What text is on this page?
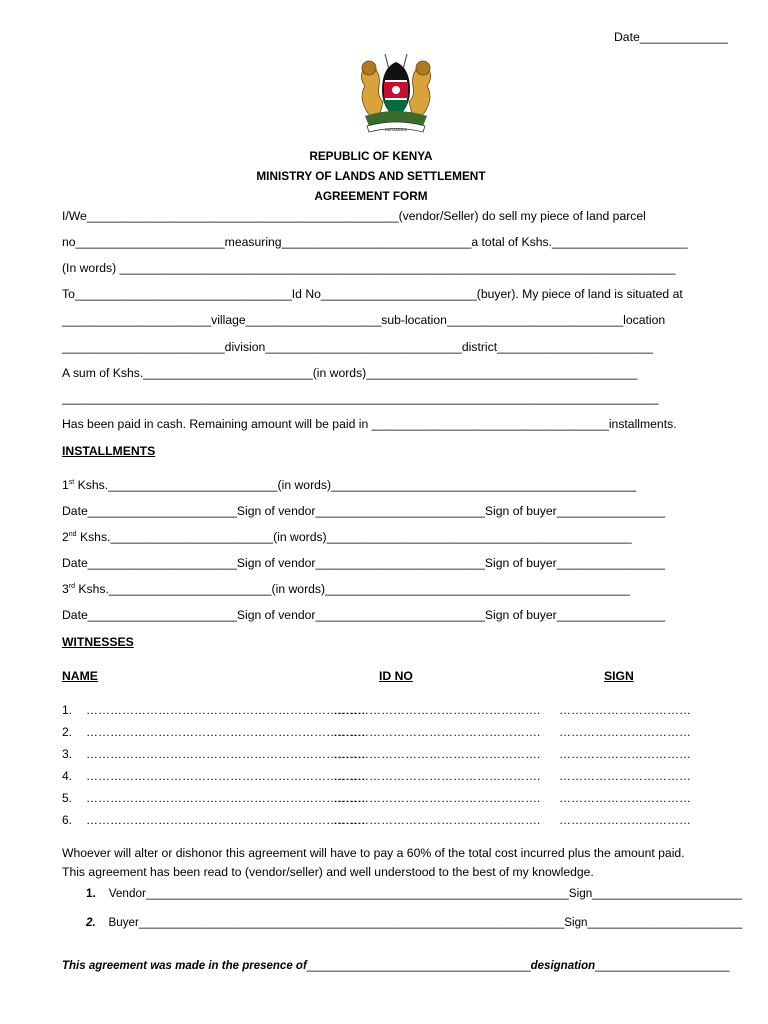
Date_____________
HARAMBEE
REPUBLIC OF KENYA
MINISTRY OF LANDS AND SETTLEMENT
AGREEMENT FORM
I/We______________________________________________(vendor/Seller) do sell my piece of land parcel
no______________________measuring____________________________a total of Kshs.____________________
(In words) __________________________________________________________________________________
To________________________________Id No_______________________(buyer). My piece of land is situated at
______________________village____________________sub-location__________________________location
________________________division_____________________________district_______________________
A sum of Kshs._________________________(in words)________________________________________
________________________________________________________________________________________
Has been paid in cash. Remaining amount will be paid in ___________________________________installments.
INSTALLMENTS
1st Kshs._________________________(in words)_____________________________________________
Date______________________Sign of vendor_________________________Sign of buyer________________
2nd Kshs.________________________(in words)_____________________________________________
Date______________________Sign of vendor_________________________Sign of buyer________________
3rd Kshs.________________________(in words)_____________________________________________
Date______________________Sign of vendor_________________________Sign of buyer________________
WITNESSES
NAME	ID NO	SIGN
1. …………………………………………………………….
……………………………………………. ……………………………
2. …………………………………………………………….
……………………………………………. ……………………………
3. …………………………………………………………….
……………………………………………. ……………………………
4. …………………………………………………………….
……………………………………………. ……………………………
5. …………………………………………………………….
……………………………………………. ……………………………
6. …………………………………………………………….
……………………………………………. ……………………………
Whoever will alter or dishonor this agreement will have to pay a 60% of the total cost incurred plus the amount paid.
This agreement has been read to (vendor/seller) and well understood to the best of my knowledge.
1. Vendor_________________________________________________________________Sign_______________________
2. Buyer__________________________________________________________________Sign________________________
This agreement was made in the presence of___________________________________designation_____________________
